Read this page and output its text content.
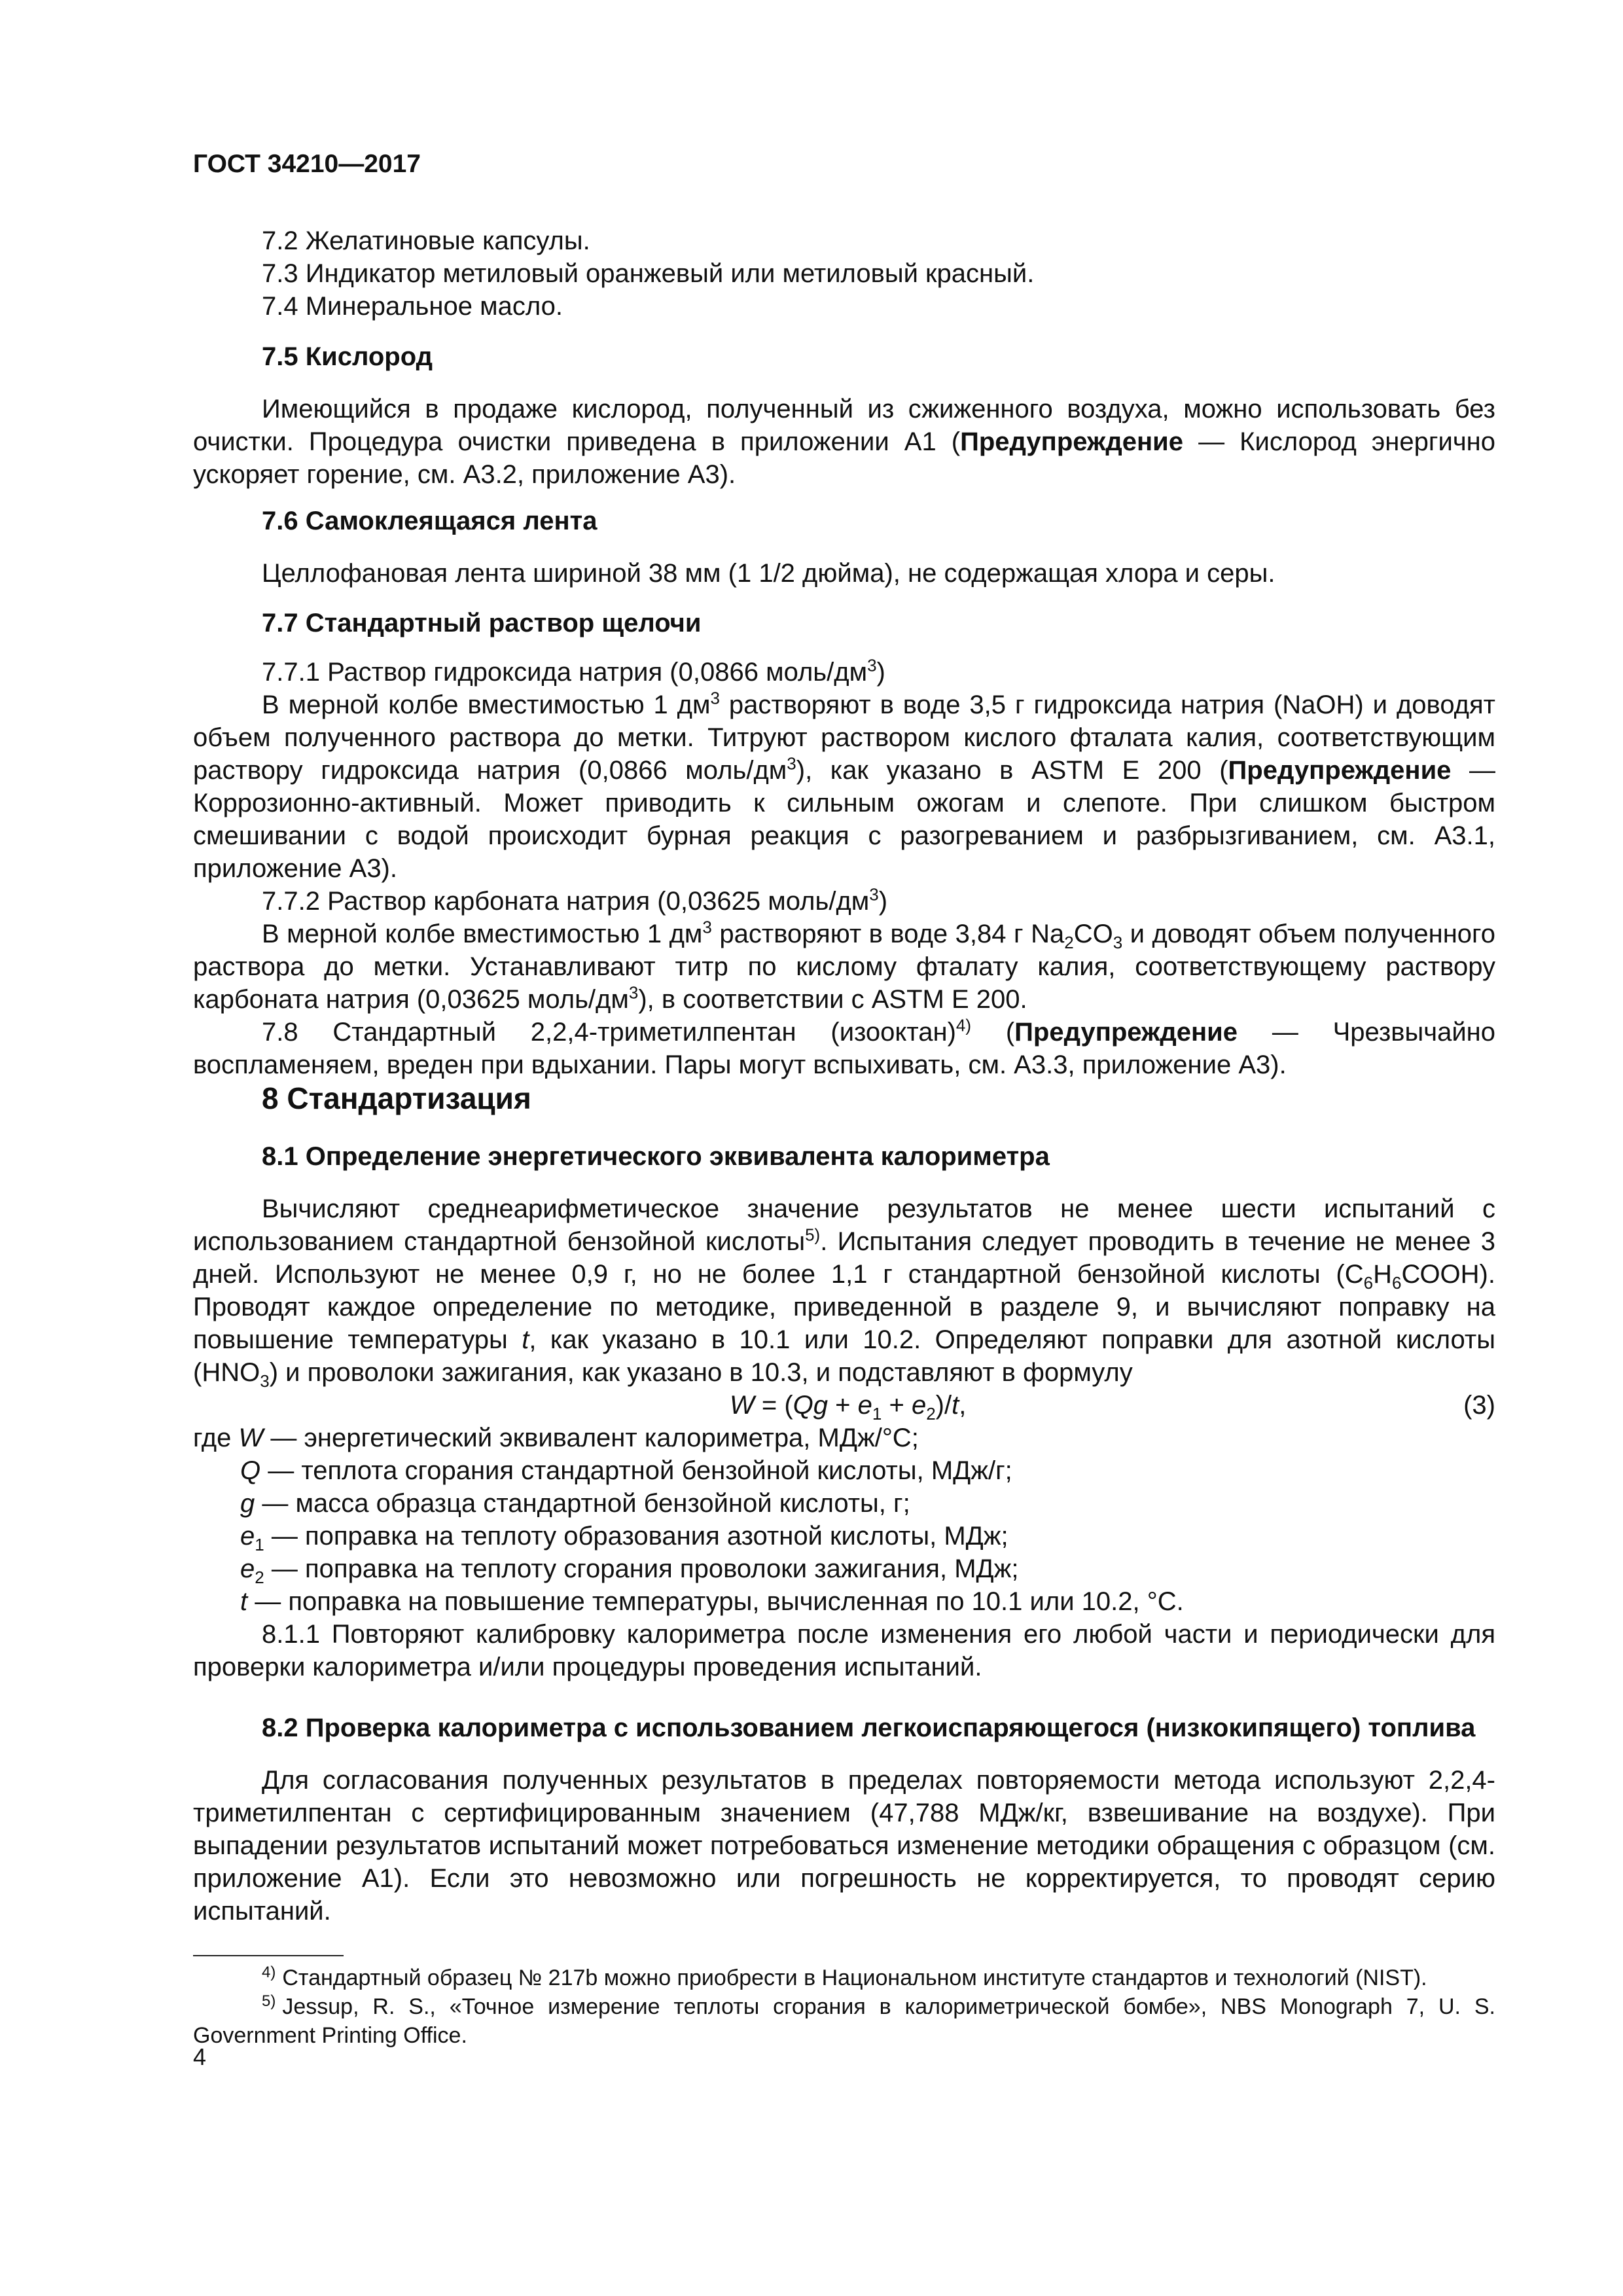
ГОСТ 34210—2017

7.2 Желатиновые капсулы.

7.3 Индикатор метиловый оранжевый или метиловый красный.

7.4 Минеральное масло.

7.5 Кислород

Имеющийся в продаже кислород, полученный из сжиженного воздуха, можно использовать без очистки. Процедура очистки приведена в приложении А1 (Предупреждение — Кислород энергично ускоряет горение, см. А3.2, приложение А3).

7.6 Самоклеящаяся лента

Целлофановая лента шириной 38 мм (1 1/2 дюйма), не содержащая хлора и серы.

7.7 Стандартный раствор щелочи

7.7.1 Раствор гидроксида натрия (0,0866 моль/$дм^3$)

В мерной колбе вместимостью 1 $дм^3$ растворяют в воде 3,5 г гидроксида натрия (NaOH) и доводят объем полученного раствора до метки. Титруют раствором кислого фталата калия, соответствующим раствору гидроксида натрия (0,0866 моль/$дм^3$), как указано в ASTM E 200 (Предупреждение — Коррозионно-активный. Может приводить к сильным ожогам и слепоте. При слишком быстром смешивании с водой происходит бурная реакция с разогреванием и разбрызгиванием, см. А3.1, приложение А3).

7.7.2 Раствор карбоната натрия (0,03625 моль/$дм^3$)

В мерной колбе вместимостью 1 $дм^3$ растворяют в воде 3,84 г $Na_2CO_3$ и доводят объем полученного раствора до метки. Устанавливают титр по кислому фталату калия, соответствующему раствору карбоната натрия (0,03625 моль/$дм^3$), в соответствии с ASTM E 200.

7.8 Стандартный 2,2,4-триметилпентан (изооктан)$^{4)}$ (Предупреждение — Чрезвычайно воспламеняем, вреден при вдыхании. Пары могут вспыхивать, см. А3.3, приложение А3).

8 Стандартизация

8.1 Определение энергетического эквивалента калориметра

Вычисляют среднеарифметическое значение результатов не менее шести испытаний с использованием стандартной бензойной кислоты$^{5)}$. Испытания следует проводить в течение не менее 3 дней. Используют не менее 0,9 г, но не более 1,1 г стандартной бензойной кислоты $(С_6Н_6СООН)$. Проводят каждое определение по методике, приведенной в разделе 9, и вычисляют поправку на повышение температуры t, как указано в 10.1 или 10.2. Определяют поправки для азотной кислоты $(HNO_3)$ и проволоки зажигания, как указано в 10.3, и подставляют в формулу

$W = (Qg + e_1 + e_2)/t$,	(3)

где W — энергетический эквивалент калориметра, МДж/°С;

Q — теплота сгорания стандартной бензойной кислоты, МДж/г;

g — масса образца стандартной бензойной кислоты, г;

$e_1$ — поправка на теплоту образования азотной кислоты, МДж;

$e_2$ — поправка на теплоту сгорания проволоки зажигания, МДж;

t — поправка на повышение температуры, вычисленная по 10.1 или 10.2, °С.

8.1.1 Повторяют калибровку калориметра после изменения его любой части и периодически для проверки калориметра и/или процедуры проведения испытаний.

8.2 Проверка калориметра с использованием легкоиспаряющегося (низкокипящего) топлива

Для согласования полученных результатов в пределах повторяемости метода используют 2,2,4-триметилпентан с сертифицированным значением (47,788 МДж/кг, взвешивание на воздухе). При выпадении результатов испытаний может потребоваться изменение методики обращения с образцом (см. приложение А1). Если это невозможно или погрешность не корректируется, то проводят серию испытаний.

$^{4)}$ Стандартный образец № 217b можно приобрести в Национальном институте стандартов и технологий (NIST).

$^{5)}$ Jessup, R. S., «Точное измерение теплоты сгорания в калориметрической бомбе», NBS Monograph 7, U. S. Government Printing Office.

4
